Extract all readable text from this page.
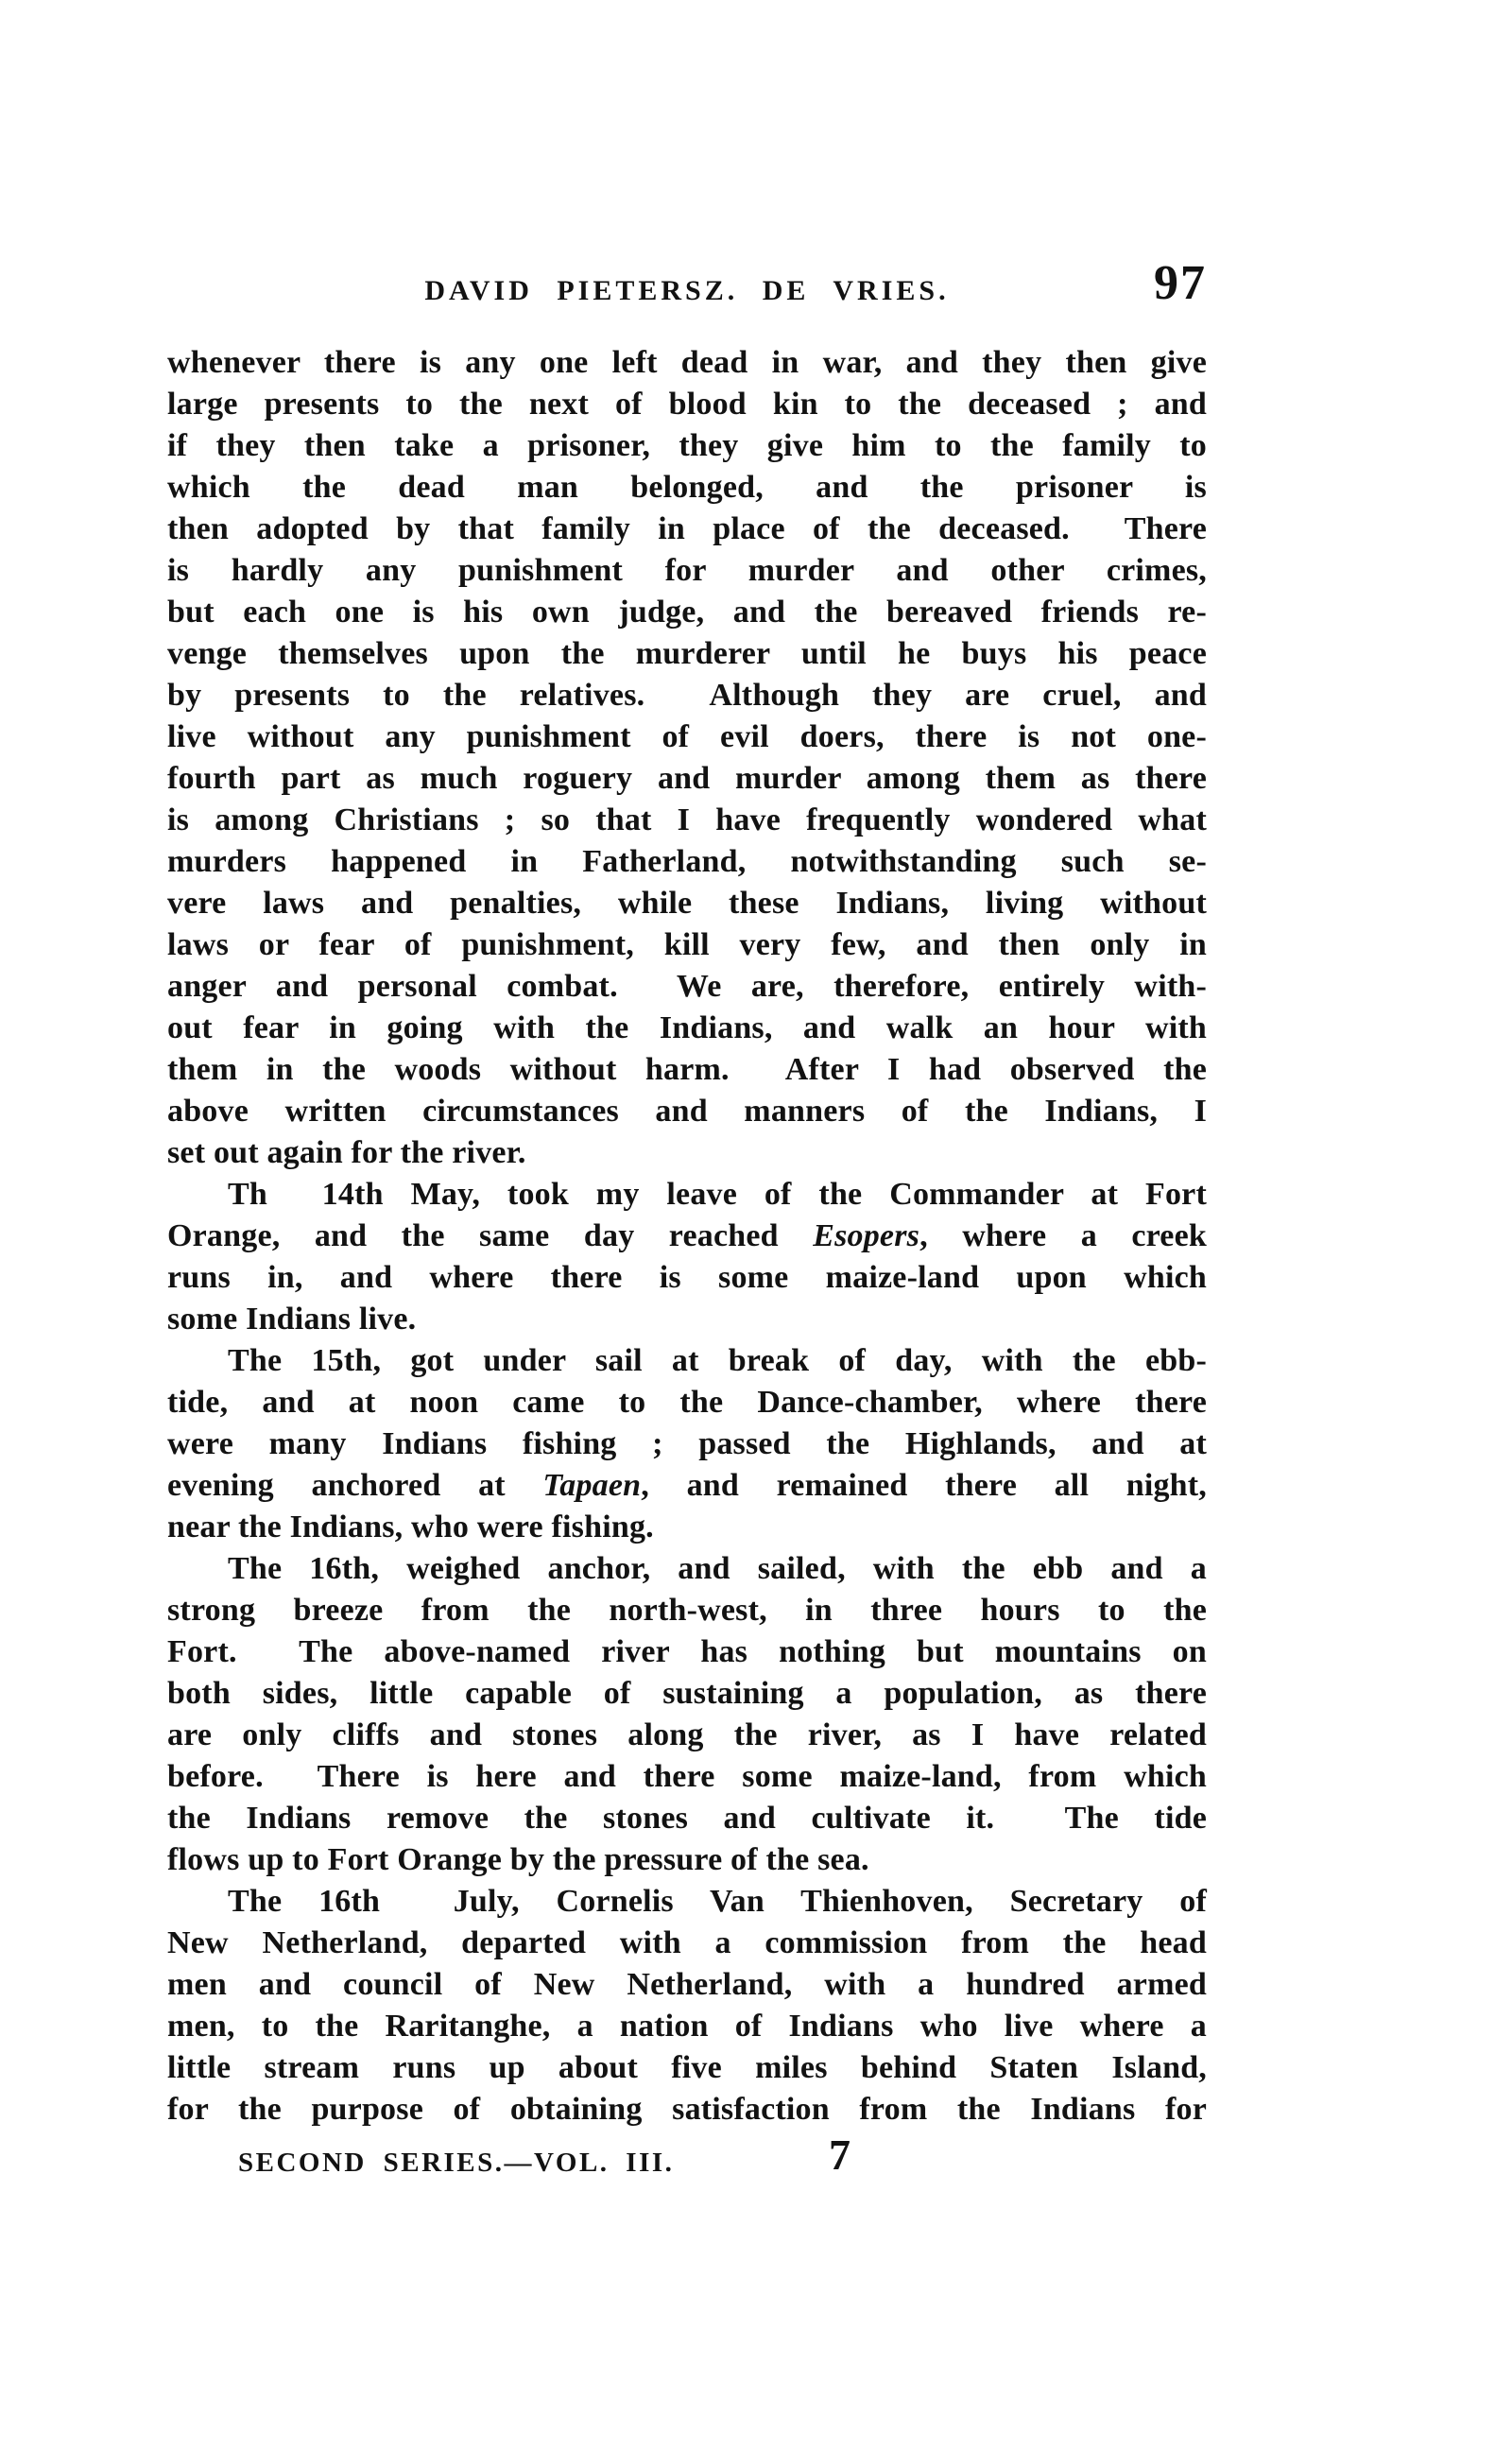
DAVID PIETERSZ. DE VRIES.	97
whenever there is any one left dead in war, and they then give
large presents to the next of blood kin to the deceased ; and
if they then take a prisoner, they give him to the family to
which the dead man belonged, and the prisoner is
then adopted by that family in place of the deceased.  There
is hardly any punishment for murder and other crimes,
but each one is his own judge, and the bereaved friends re-
venge themselves upon the murderer until he buys his peace
by presents to the relatives.  Although they are cruel, and
live without any punishment of evil doers, there is not one-
fourth part as much roguery and murder among them as there
is among Christians ; so that I have frequently wondered what
murders happened in Fatherland, notwithstanding such se-
vere laws and penalties, while these Indians, living without
laws or fear of punishment, kill very few, and then only in
anger and personal combat.  We are, therefore, entirely with-
out fear in going with the Indians, and walk an hour with
them in the woods without harm.  After I had observed the
above written circumstances and manners of the Indians, I
set out again for the river.
Th  14th May, took my leave of the Commander at Fort
Orange, and the same day reached Esopers, where a creek
runs in, and where there is some maize-land upon which
some Indians live.
The 15th, got under sail at break of day, with the ebb-
tide, and at noon came to the Dance-chamber, where there
were many Indians fishing ; passed the Highlands, and at
evening anchored at Tapaen, and remained there all night,
near the Indians, who were fishing.
The 16th, weighed anchor, and sailed, with the ebb and a
strong breeze from the north-west, in three hours to the
Fort.  The above-named river has nothing but mountains on
both sides, little capable of sustaining a population, as there
are only cliffs and stones along the river, as I have related
before.  There is here and there some maize-land, from which
the Indians remove the stones and cultivate it.  The tide
flows up to Fort Orange by the pressure of the sea.
The 16th  July, Cornelis Van Thienhoven, Secretary of
New Netherland, departed with a commission from the head
men and council of New Netherland, with a hundred armed
men, to the Raritanghe, a nation of Indians who live where a
little stream runs up about five miles behind Staten Island,
for the purpose of obtaining satisfaction from the Indians for
SECOND SERIES.—VOL. III.	7
